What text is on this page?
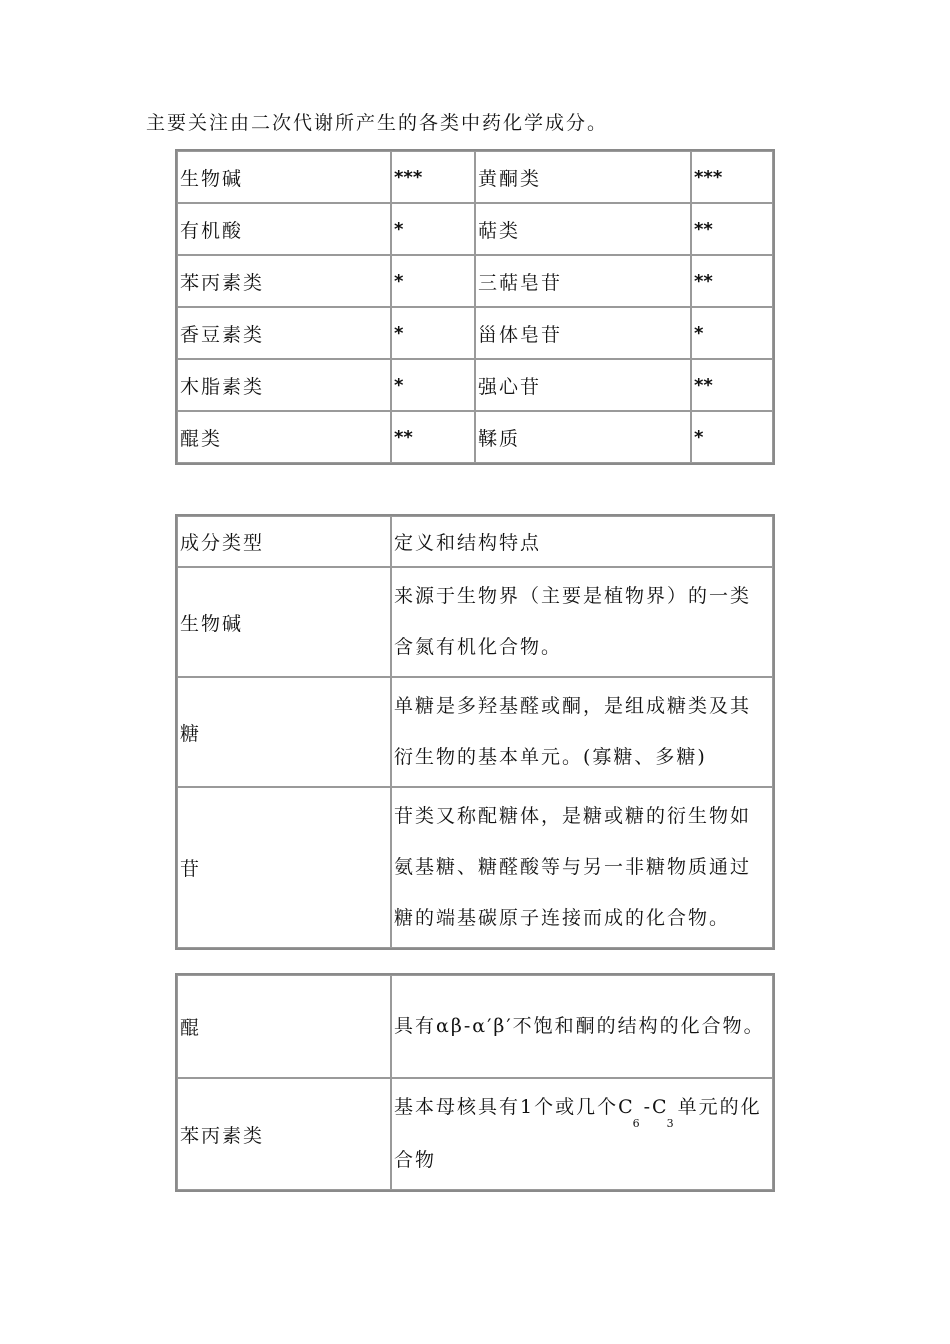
主要关注由二次代谢所产生的各类中药化学成分。
生物碱	***	黄酮类	***
有机酸	*	萜类	**
苯丙素类	*	三萜皂苷	**
香豆素类	*	甾体皂苷	*
木脂素类	*	强心苷	**
醌类	**	鞣质	*
成分类型	定义和结构特点
生物碱	来源于生物界（主要是植物界）的一类含氮有机化合物。
糖	单糖是多羟基醛或酮，是组成糖类及其衍生物的基本单元。(寡糖、多糖)
苷	苷类又称配糖体，是糖或糖的衍生物如氨基糖、糖醛酸等与另一非糖物质通过糖的端基碳原子连接而成的化合物。
醌	具有αβ-α′β′不饱和酮的结构的化合物。
苯丙素类	基本母核具有1个或几个$C_6-C_3$单元的化合物
